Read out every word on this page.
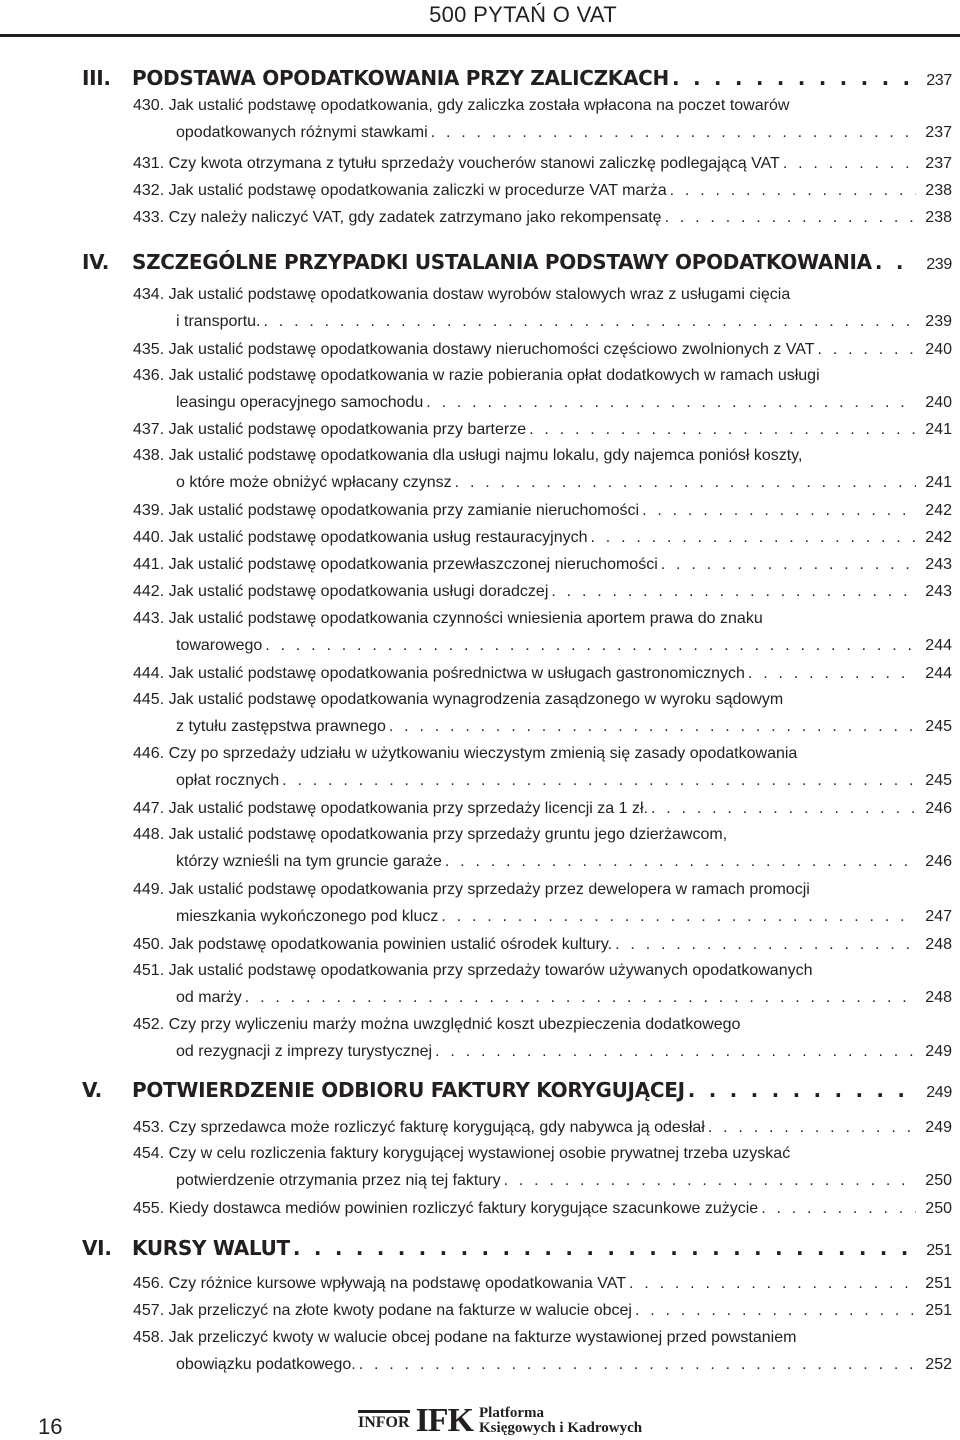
500 PYTAŃ O VAT
III.	PODSTAWA OPODATKOWANIA PRZY ZALICZKACH . . .	237
430.
Jak ustalić podstawę opodatkowania, gdy zaliczka została wpłacona na poczet towarów
opodatkowanych różnymi stawkami . . .	237
431.
Czy kwota otrzymana z tytułu sprzedaży voucherów stanowi zaliczkę podlegającą VAT . . .	237
432.
Jak ustalić podstawę opodatkowania zaliczki w procedurze VAT marża . . .	238
433.
Czy należy naliczyć VAT, gdy zadatek zatrzymano jako rekompensatę . . .	238
IV.	SZCZEGÓLNE PRZYPADKI USTALANIA PODSTAWY OPODATKOWANIA . . .	239
434.
Jak ustalić podstawę opodatkowania dostaw wyrobów stalowych wraz z usługami cięcia
i transportu. . . .	239
435.
Jak ustalić podstawę opodatkowania dostawy nieruchomości częściowo zwolnionych z VAT . . .	240
436.
Jak ustalić podstawę opodatkowania w razie pobierania opłat dodatkowych w ramach usługi
leasingu operacyjnego samochodu . . .	240
437.
Jak ustalić podstawę opodatkowania przy barterze . . .	241
438.
Jak ustalić podstawę opodatkowania dla usługi najmu lokalu, gdy najemca poniósł koszty,
o które może obniżyć wpłacany czynsz . . .	241
439.
Jak ustalić podstawę opodatkowania przy zamianie nieruchomości . . .	242
440.
Jak ustalić podstawę opodatkowania usług restauracyjnych . . .	242
441.
Jak ustalić podstawę opodatkowania przewłaszczonej nieruchomości . . .	243
442.
Jak ustalić podstawę opodatkowania usługi doradczej . . .	243
443.
Jak ustalić podstawę opodatkowania czynności wniesienia aportem prawa do znaku
towarowego . . .	244
444.
Jak ustalić podstawę opodatkowania pośrednictwa w usługach gastronomicznych . . .	244
445.
Jak ustalić podstawę opodatkowania wynagrodzenia zasądzonego w wyroku sądowym
z tytułu zastępstwa prawnego . . .	245
446.
Czy po sprzedaży udziału w użytkowaniu wieczystym zmienią się zasady opodatkowania
opłat rocznych . . .	245
447.
Jak ustalić podstawę opodatkowania przy sprzedaży licencji za 1 zł. . . .	246
448.
Jak ustalić podstawę opodatkowania przy sprzedaży gruntu jego dzierżawcom,
którzy wznieśli na tym gruncie garaże . . .	246
449.
Jak ustalić podstawę opodatkowania przy sprzedaży przez dewelopera w ramach promocji
mieszkania wykończonego pod klucz . . .	247
450.
Jak podstawę opodatkowania powinien ustalić ośrodek kultury. . . .	248
451.
Jak ustalić podstawę opodatkowania przy sprzedaży towarów używanych opodatkowanych
od marży . . .	248
452.
Czy przy wyliczeniu marży można uwzględnić koszt ubezpieczenia dodatkowego
od rezygnacji z imprezy turystycznej . . .	249
V.	POTWIERDZENIE ODBIORU FAKTURY KORYGUJĄCEJ . . .	249
453.
Czy sprzedawca może rozliczyć fakturę korygującą, gdy nabywca ją odesłał . . .	249
454.
Czy w celu rozliczenia faktury korygującej wystawionej osobie prywatnej trzeba uzyskać
potwierdzenie otrzymania przez nią tej faktury . . .	250
455.
Kiedy dostawca mediów powinien rozliczyć faktury korygujące szacunkowe zużycie . . .	250
VI.	KURSY WALUT . . .	251
456.
Czy różnice kursowe wpływają na podstawę opodatkowania VAT . . .	251
457.
Jak przeliczyć na złote kwoty podane na fakturze w walucie obcej . . .	251
458.
Jak przeliczyć kwoty w walucie obcej podane na fakturze wystawionej przed powstaniem
obowiązku podatkowego. . . .	252
16	INFOR IFK Platforma
Księgowych i Kadrowych
